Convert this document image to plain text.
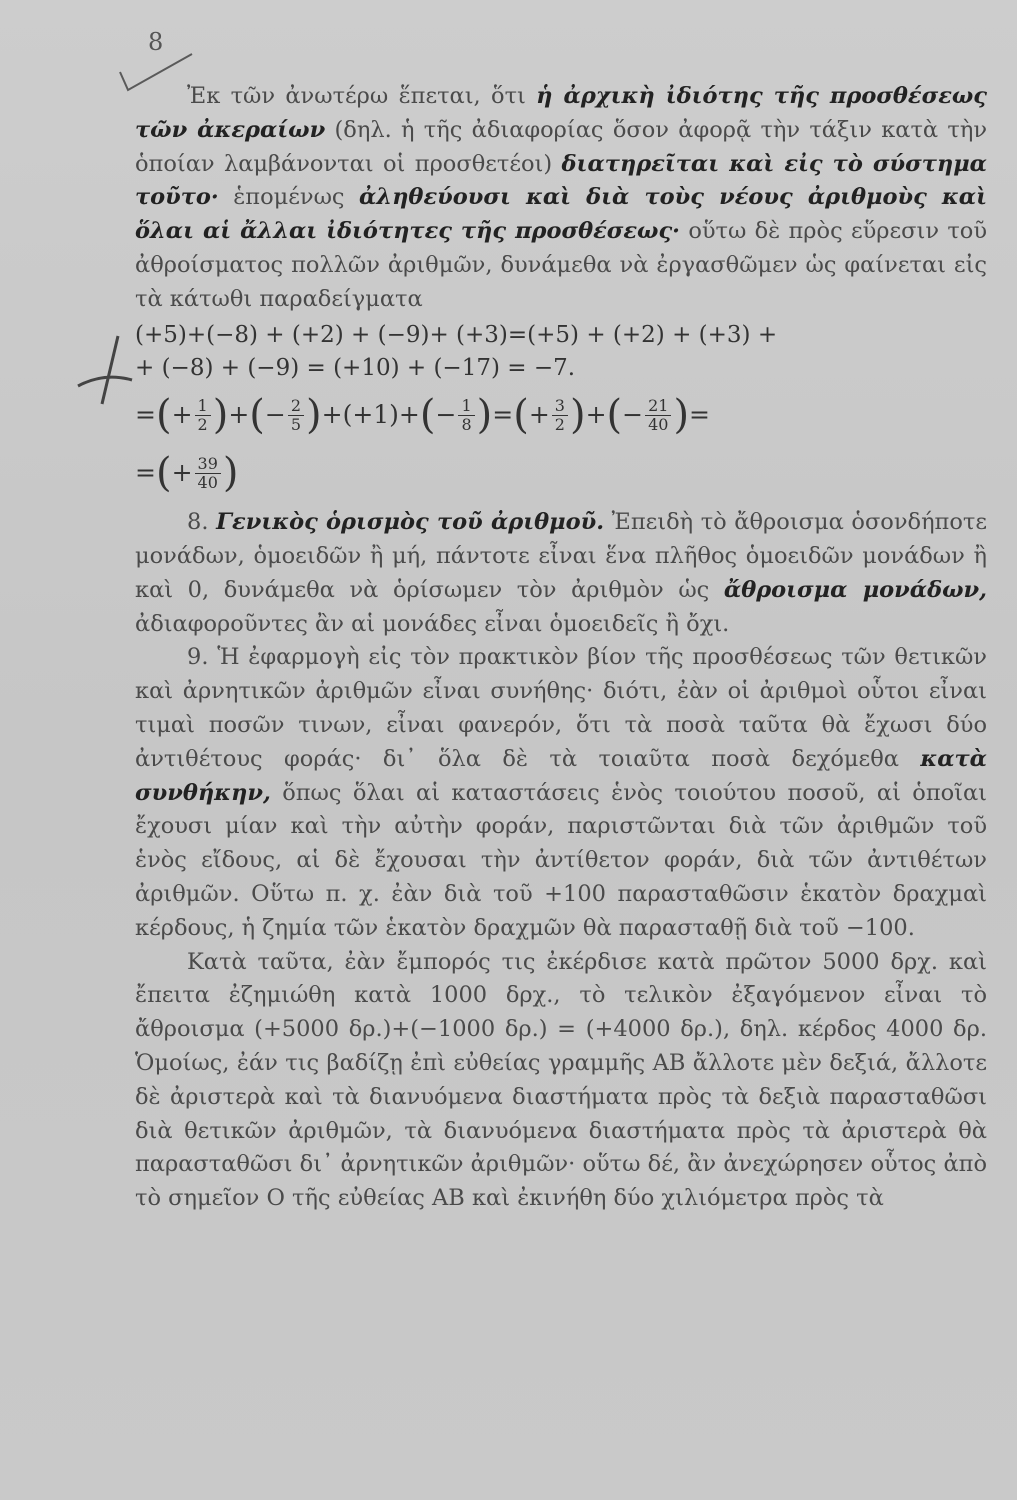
8

Ἐκ τῶν ἀνωτέρω ἕπεται, ὅτι ἡ ἀρχικὴ ἰδιότης τῆς προσθέσεως τῶν ἀκεραίων (δηλ. ἡ τῆς ἀδιαφορίας ὅσον ἀφορᾷ τὴν τάξιν κατὰ τὴν ὁποίαν λαμβάνονται οἱ προσθετέοι) διατηρεῖται καὶ εἰς τὸ σύστημα τοῦτο· ἑπομένως ἀληθεύουσι καὶ διὰ τοὺς νέους ἀριθμοὺς καὶ ὅλαι αἱ ἄλλαι ἰδιότητες τῆς προσθέσεως· οὕτω δὲ πρὸς εὕρεσιν τοῦ ἀθροίσματος πολλῶν ἀριθμῶν, δυνάμεθα νὰ ἐργασθῶμεν ὡς φαίνεται εἰς τὰ κάτωθι παραδείγματα

(+5)+(−8) + (+2) + (−9)+ (+3)=(+5) + (+2) + (+3) +
+ (−8) + (−9) = (+10) + (−17) = −7.
= ( + $\frac{1}{2}$ ) + ( − $\frac{2}{5}$ ) +(+1)+ ( − $\frac{1}{8}$ ) = ( + $\frac{3}{2}$ ) + ( − $\frac{21}{40}$ ) =
= ( + $\frac{39}{40}$ )

8. Γενικὸς ὁρισμὸς τοῦ ἀριθμοῦ. Ἐπειδὴ τὸ ἄθροισμα ὁσονδήποτε μονάδων, ὁμοειδῶν ἢ μή, πάντοτε εἶναι ἕνα πλῆθος ὁμοειδῶν μονάδων ἢ καὶ 0, δυνάμεθα νὰ ὁρίσωμεν τὸν ἀριθμὸν ὡς ἄθροισμα μονάδων, ἀδιαφοροῦντες ἂν αἱ μονάδες εἶναι ὁμοειδεῖς ἢ ὄχι.

9. Ἡ ἐφαρμογὴ εἰς τὸν πρακτικὸν βίον τῆς προσθέσεως τῶν θετικῶν καὶ ἀρνητικῶν ἀριθμῶν εἶναι συνήθης· διότι, ἐὰν οἱ ἀριθμοὶ οὗτοι εἶναι τιμαὶ ποσῶν τινων, εἶναι φανερόν, ὅτι τὰ ποσὰ ταῦτα θὰ ἔχωσι δύο ἀντιθέτους φοράς· δι᾿ ὅλα δὲ τὰ τοιαῦτα ποσὰ δεχόμεθα κατὰ συνθήκην, ὅπως ὅλαι αἱ καταστάσεις ἑνὸς τοιούτου ποσοῦ, αἱ ὁποῖαι ἔχουσι μίαν καὶ τὴν αὐτὴν φοράν, παριστῶνται διὰ τῶν ἀριθμῶν τοῦ ἑνὸς εἴδους, αἱ δὲ ἔχουσαι τὴν ἀντίθετον φοράν, διὰ τῶν ἀντιθέτων ἀριθμῶν. Οὕτω π. χ. ἐὰν διὰ τοῦ +100 παρασταθῶσιν ἑκατὸν δραχμαὶ κέρδους, ἡ ζημία τῶν ἑκατὸν δραχμῶν θὰ παρασταθῇ διὰ τοῦ −100.

Κατὰ ταῦτα, ἐὰν ἔμπορός τις ἐκέρδισε κατὰ πρῶτον 5000 δρχ. καὶ ἔπειτα ἐζημιώθη κατὰ 1000 δρχ., τὸ τελικὸν ἐξαγόμενον εἶναι τὸ ἄθροισμα (+5000 δρ.)+(−1000 δρ.) = (+4000 δρ.), δηλ. κέρδος 4000 δρ. Ὁμοίως, ἐάν τις βαδίζῃ ἐπὶ εὐθείας γραμμῆς ΑΒ ἄλλοτε μὲν δεξιά, ἄλλοτε δὲ ἀριστερὰ καὶ τὰ διανυόμενα διαστήματα πρὸς τὰ δεξιὰ παρασταθῶσι διὰ θετικῶν ἀριθμῶν, τὰ διανυόμενα διαστήματα πρὸς τὰ ἀριστερὰ θὰ παρασταθῶσι δι᾿ ἀρνητικῶν ἀριθμῶν· οὕτω δέ, ἂν ἀνεχώρησεν οὗτος ἀπὸ τὸ σημεῖον Ο τῆς εὐθείας ΑΒ καὶ ἐκινήθη δύο χιλιόμετρα πρὸς τὰ
